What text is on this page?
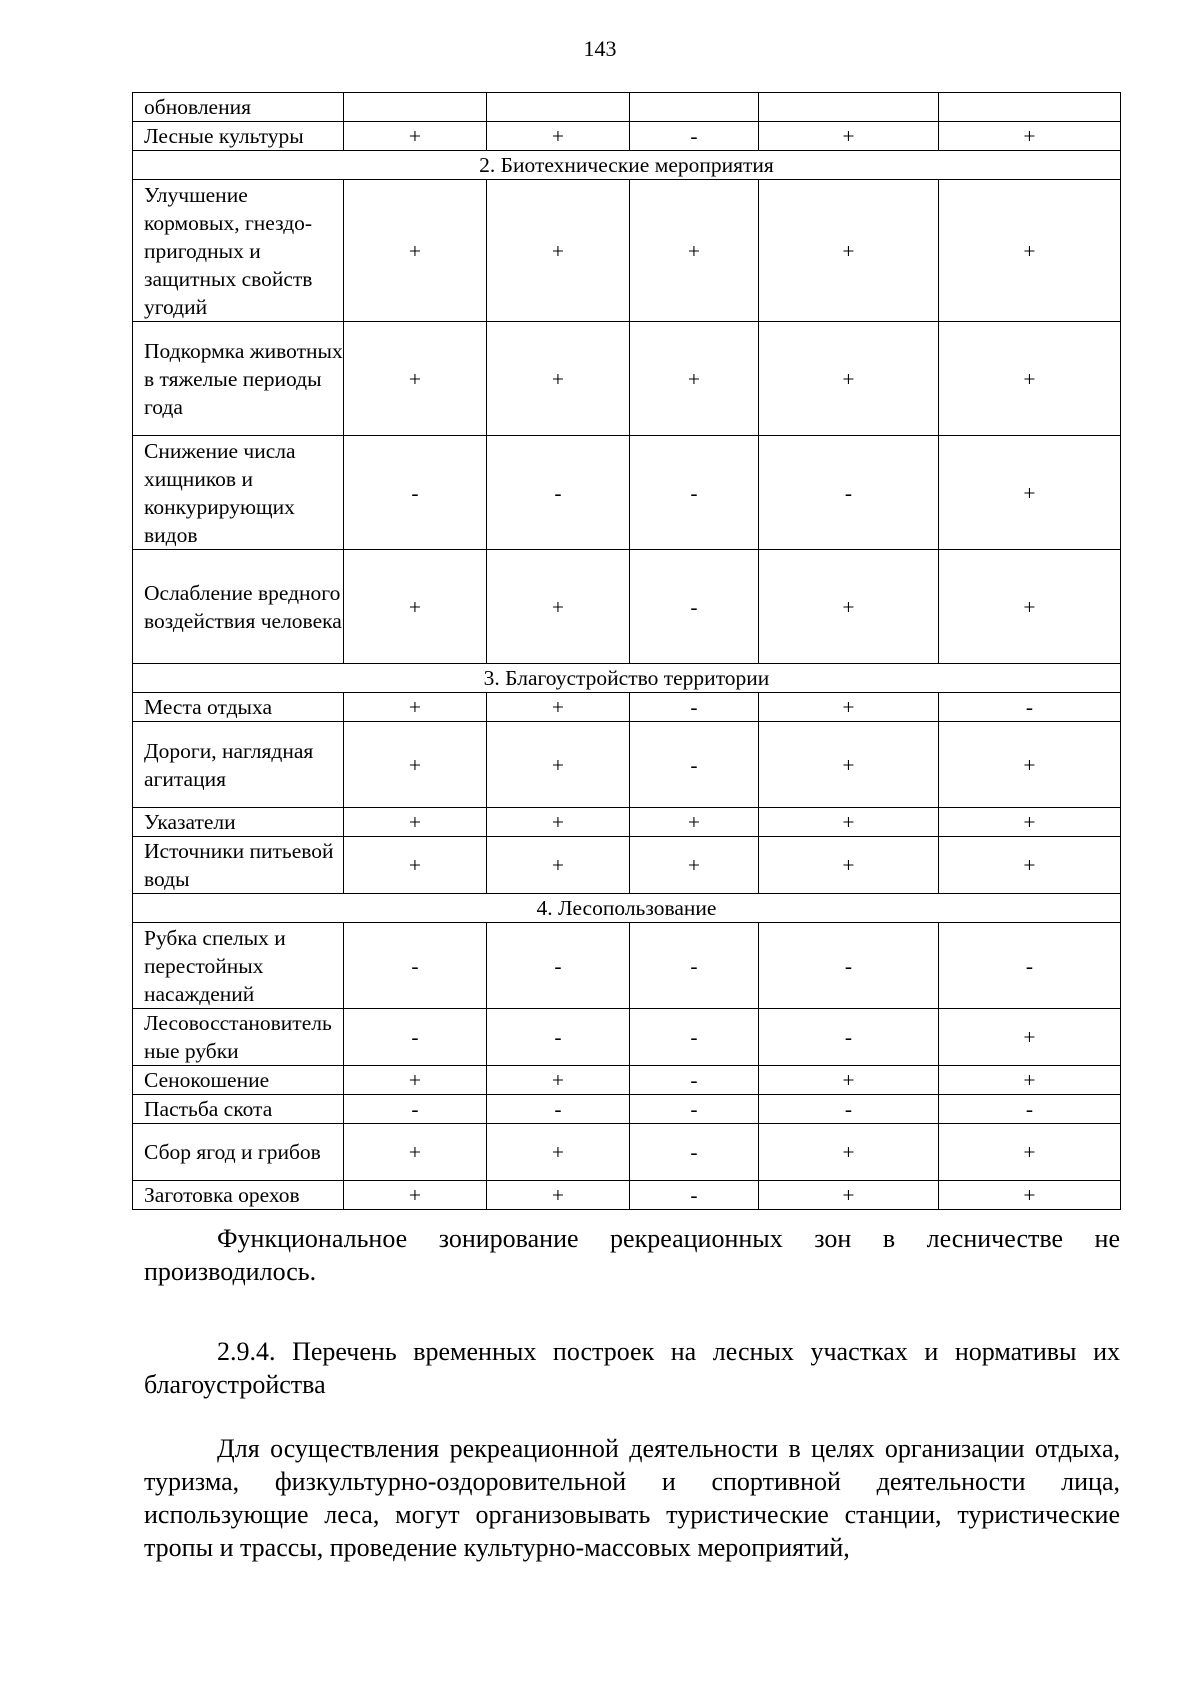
143
обновления					
Лесные культуры	+	+	-	+	+
2. Биотехнические мероприятия					
Улучшение кормовых, гнездо-пригодных и защитных свойств угодий	+	+	+	+	+
Подкормка животных в тяжелые периоды года	+	+	+	+	+
Снижение числа хищников и конкурирующих видов	-	-	-	-	+
Ослабление вредного воздействия человека	+	+	-	+	+
3. Благоустройство территории					
Места отдыха	+	+	-	+	-
Дороги, наглядная агитация	+	+	-	+	+
Указатели	+	+	+	+	+
Источники питьевой воды	+	+	+	+	+
4. Лесопользование					
Рубка спелых и перестойных насаждений	-	-	-	-	-
Лесовосстановительные рубки	-	-	-	-	+
Сенокошение	+	+	-	+	+
Пастьба скота	-	-	-	-	-
Сбор ягод и грибов	+	+	-	+	+
Заготовка орехов	+	+	-	+	+

Функциональное зонирование рекреационных зон в лесничестве не производилось.

2.9.4. Перечень временных построек на лесных участках и нормативы их благоустройства

Для осуществления рекреационной деятельности в целях организации отдыха, туризма, физкультурно-оздоровительной и спортивной деятельности лица, использующие леса, могут организовывать туристические станции, туристические тропы и трассы, проведение культурно-массовых мероприятий,
